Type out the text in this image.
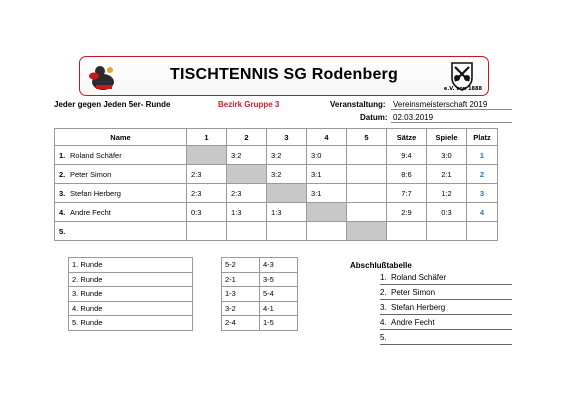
TISCHTENNIS SG Rodenberg
e.V. von 1888
Jeder gegen Jeden 5er- Runde	Bezirk Gruppe 3	Veranstaltung: Vereinsmeisterschaft 2019
Datum: 02.03.2019
Name	1	2	3	4	5	Sätze	Spiele	Platz
1. Roland Schäfer		3:2	3:2	3:0		9:4	3:0	1
2. Peter Simon	2:3		3:2	3:1		8:6	2:1	2
3. Stefan Herberg	2:3	2:3		3:1		7:7	1:2	3
4. Andre Fecht	0:3	1:3	1:3			2:9	0:3	4
5.								
1. Runde		5-2	4-3
2. Runde		2-1	3-5
3. Runde		1-3	5-4
4. Runde		3-2	4-1
5. Runde		2-4	1-5
Abschlußtabelle
1. Roland Schäfer
2. Peter Simon
3. Stefan Herberg
4. Andre Fecht
5.
